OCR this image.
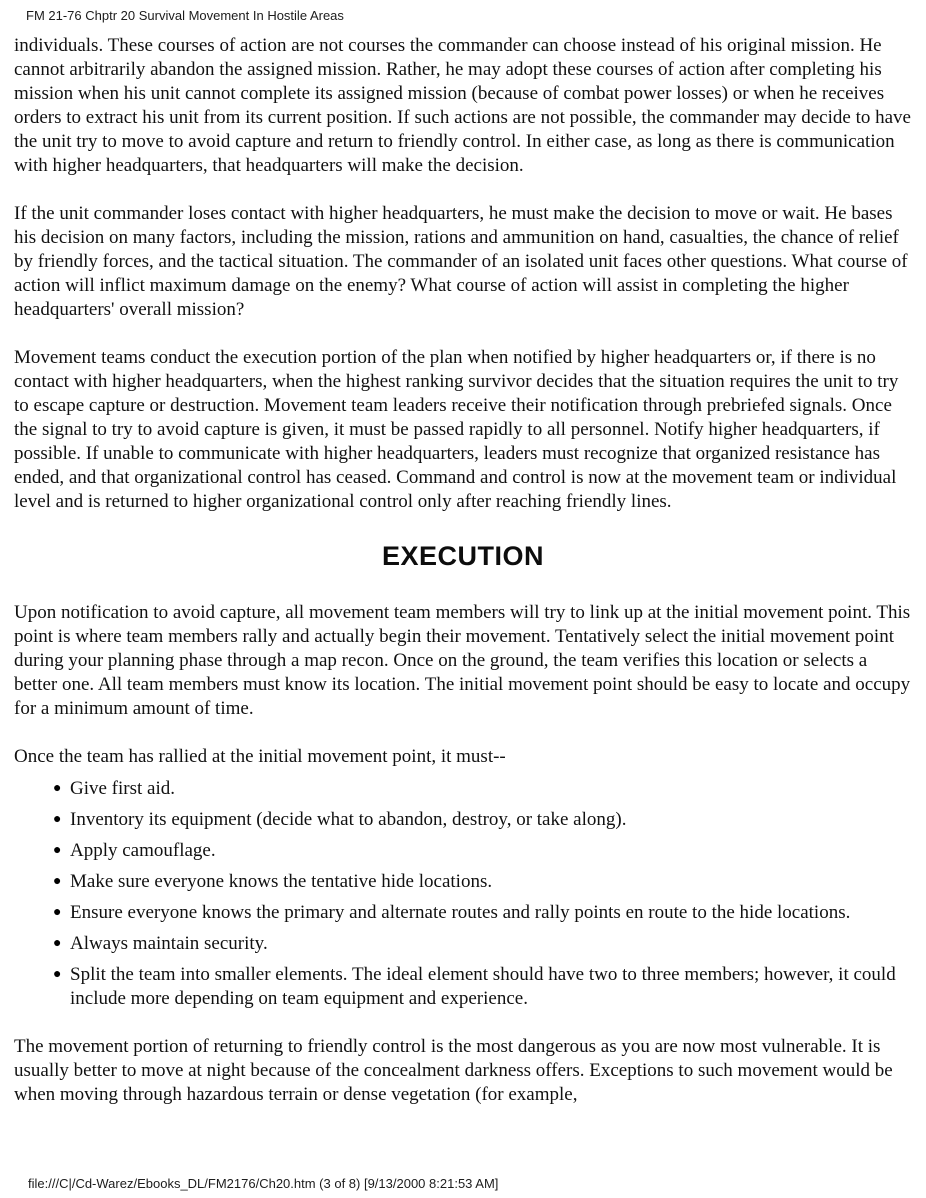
FM 21-76 Chptr 20 Survival Movement In Hostile Areas

individuals. These courses of action are not courses the commander can choose instead of his original mission. He cannot arbitrarily abandon the assigned mission. Rather, he may adopt these courses of action after completing his mission when his unit cannot complete its assigned mission (because of combat power losses) or when he receives orders to extract his unit from its current position. If such actions are not possible, the commander may decide to have the unit try to move to avoid capture and return to friendly control. In either case, as long as there is communication with higher headquarters, that headquarters will make the decision.

If the unit commander loses contact with higher headquarters, he must make the decision to move or wait. He bases his decision on many factors, including the mission, rations and ammunition on hand, casualties, the chance of relief by friendly forces, and the tactical situation. The commander of an isolated unit faces other questions. What course of action will inflict maximum damage on the enemy? What course of action will assist in completing the higher headquarters' overall mission?

Movement teams conduct the execution portion of the plan when notified by higher headquarters or, if there is no contact with higher headquarters, when the highest ranking survivor decides that the situation requires the unit to try to escape capture or destruction. Movement team leaders receive their notification through prebriefed signals. Once the signal to try to avoid capture is given, it must be passed rapidly to all personnel. Notify higher headquarters, if possible. If unable to communicate with higher headquarters, leaders must recognize that organized resistance has ended, and that organizational control has ceased. Command and control is now at the movement team or individual level and is returned to higher organizational control only after reaching friendly lines.

EXECUTION

Upon notification to avoid capture, all movement team members will try to link up at the initial movement point. This point is where team members rally and actually begin their movement. Tentatively select the initial movement point during your planning phase through a map recon. Once on the ground, the team verifies this location or selects a better one. All team members must know its location. The initial movement point should be easy to locate and occupy for a minimum amount of time.

Once the team has rallied at the initial movement point, it must--

● Give first aid.
● Inventory its equipment (decide what to abandon, destroy, or take along).
● Apply camouflage.
● Make sure everyone knows the tentative hide locations.
● Ensure everyone knows the primary and alternate routes and rally points en route to the hide locations.
● Always maintain security.
● Split the team into smaller elements. The ideal element should have two to three members; however, it could include more depending on team equipment and experience.

The movement portion of returning to friendly control is the most dangerous as you are now most vulnerable. It is usually better to move at night because of the concealment darkness offers. Exceptions to such movement would be when moving through hazardous terrain or dense vegetation (for example,

file:///C|/Cd-Warez/Ebooks_DL/FM2176/Ch20.htm (3 of 8) [9/13/2000 8:21:53 AM]
